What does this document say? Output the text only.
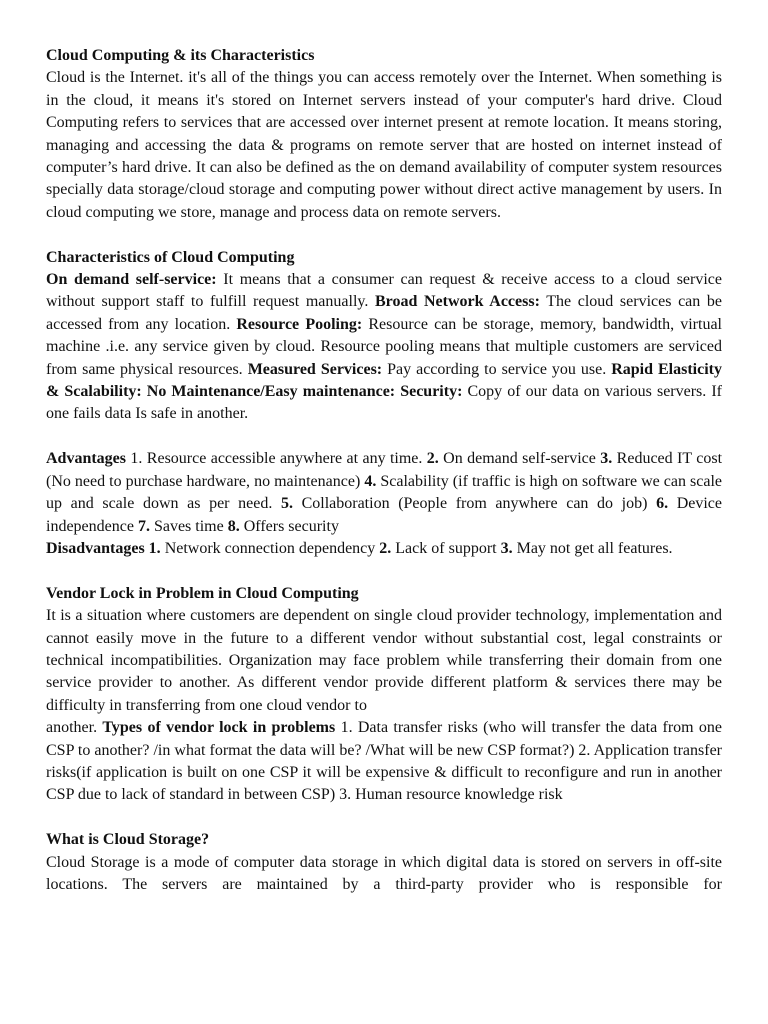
Cloud Computing & its Characteristics

Cloud is the Internet. it's all of the things you can access remotely over the Internet. When something is in the cloud, it means it's stored on Internet servers instead of your computer's hard drive. Cloud Computing refers to services that are accessed over internet present at remote location. It means storing, managing and accessing the data & programs on remote server that are hosted on internet instead of computer’s hard drive. It can also be defined as the on demand availability of computer system resources specially data storage/cloud storage and computing power without direct active management by users. In cloud computing we store, manage and process data on remote servers.

Characteristics of Cloud Computing

On demand self-service: It means that a consumer can request & receive access to a cloud service without support staff to fulfill request manually. Broad Network Access: The cloud services can be accessed from any location. Resource Pooling: Resource can be storage, memory, bandwidth, virtual machine .i.e. any service given by cloud. Resource pooling means that multiple customers are serviced from same physical resources. Measured Services: Pay according to service you use. Rapid Elasticity & Scalability: No Maintenance/Easy maintenance: Security: Copy of our data on various servers. If one fails data Is safe in another.

Advantages 1. Resource accessible anywhere at any time. 2. On demand self-service 3. Reduced IT cost (No need to purchase hardware, no maintenance) 4. Scalability (if traffic is high on software we can scale up and scale down as per need. 5. Collaboration (People from anywhere can do job) 6. Device independence 7. Saves time 8. Offers security

Disadvantages 1. Network connection dependency 2. Lack of support 3. May not get all features.

Vendor Lock in Problem in Cloud Computing

It is a situation where customers are dependent on single cloud provider technology, implementation and cannot easily move in the future to a different vendor without substantial cost, legal constraints or technical incompatibilities. Organization may face problem while transferring their domain from one service provider to another. As different vendor provide different platform & services there may be difficulty in transferring from one cloud vendor to

another. Types of vendor lock in problems 1. Data transfer risks (who will transfer the data from one CSP to another? /in what format the data will be? /What will be new CSP format?) 2. Application transfer risks(if application is built on one CSP it will be expensive & difficult to reconfigure and run in another CSP due to lack of standard in between CSP) 3. Human resource knowledge risk

What is Cloud Storage?

Cloud Storage is a mode of computer data storage in which digital data is stored on servers in off-site locations. The servers are maintained by a third-party provider who is responsible for
